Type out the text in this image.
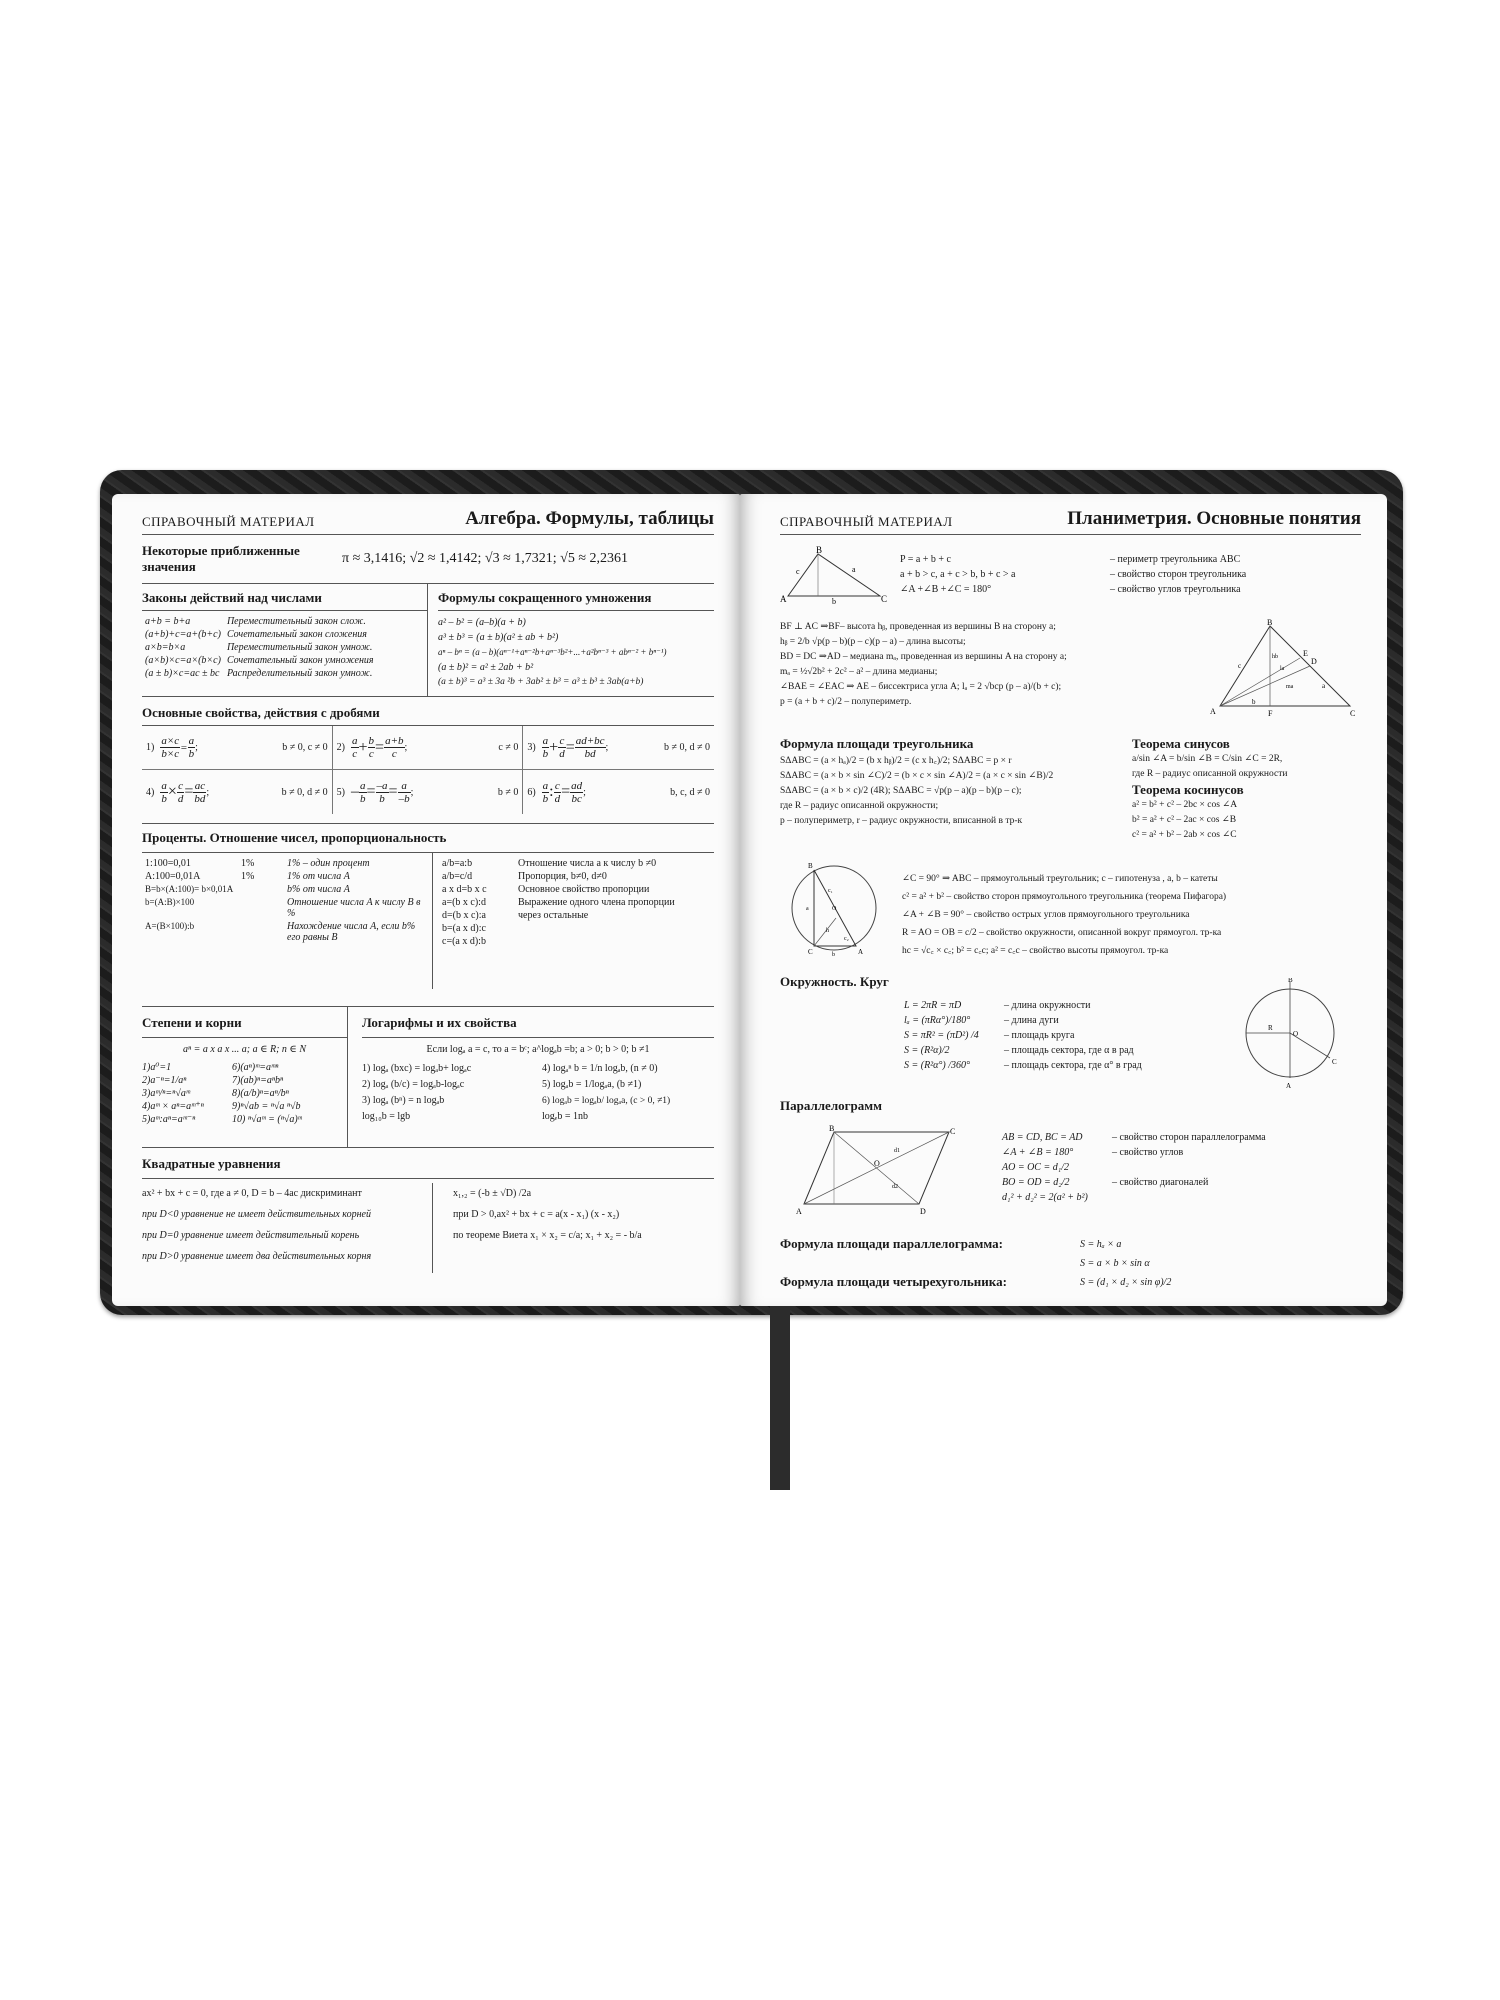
СПРАВОЧНЫЙ МАТЕРИАЛ	Алгебра. Формулы, таблицы
Некоторые приближенные значения
π ≈ 3,1416; √2 ≈ 1,4142; √3 ≈ 1,7321; √5 ≈ 2,2361
Законы действий над числами
a+b = b+a	Переместительный закон слож.
(a+b)+c=a+(b+c)	Сочетательный закон сложения
a×b=b×a	Переместительный закон умнож.
(a×b)×c=a×(b×c)	Сочетательный закон умножения
(a ± b)×c=ac ± bc	Распределительный закон умнож.
Формулы сокращенного умножения
a² – b² = (a–b)(a + b)
a³ ± b³ = (a ± b)(a² ± ab + b²)
aⁿ – bⁿ = (a – b)(aⁿ⁻¹+aⁿ⁻²b+aⁿ⁻³b²+...+a²bⁿ⁻³ + abⁿ⁻² + bⁿ⁻¹)
(a ± b)² = a² ± 2ab + b²
(a ± b)³ = a³ ± 3a ²b + 3ab² ± b³ = a³ ± b³ ± 3ab(a+b)
Основные свойства, действия с дробями
$1) \frac{a\times c}{b\times c} = \frac{a}{b}$ ;	b ≠ 0, c ≠ 0 $2) \frac{a}{c} + \frac{b}{c} = \frac{a+b}{c}$ ;	c ≠ 0 $3) \frac{a}{b} + \frac{c}{d} = \frac{ad+bc}{bd}$ ;	b ≠ 0, d ≠ 0
$4) \frac{a}{b} \times \frac{c}{d} = \frac{ac}{bd}$ ;	b ≠ 0, d ≠ 0 $5) - \frac{a}{b} = \frac{-a}{b} = \frac{a}{-b}$ ;	b ≠ 0 $6) \frac{a}{b}$ : $\frac{c}{d} = \frac{ad}{bc}$ ;	b, c, d ≠ 0
Проценты. Отношение чисел, пропорциональность
1:100=0,01	1%	1% – один процент
A:100=0,01A	1%	1% от числа A
B=b×(A:100)= b×0,01A		b% от числа A
b=(A:B)×100		Отношение числа A к числу B в %
A=(B×100):b		Нахождение числа A, если b% его равны B
a/b=a:b	Отношение числа a к числу b ≠0
a/b=c/d	Пропорция, b≠0, d≠0
a x d=b x c	Основное свойство пропорции
a=(b x c):d	Выражение одного члена пропорции
d=(b x c):a	через остальные
b=(a x d):c	
c=(a x d):b	
Степени и корни
aⁿ = a x a x ... a; a ∈ R; n ∈ N
1)a⁰=1
2)a⁻ⁿ=1/aⁿ
3)aᵐ/ⁿ=ⁿ√aᵐ
4)aᵐ × aⁿ=aᵐ⁺ⁿ
5)aᵐ:aⁿ=aᵐ⁻ⁿ
6)(aⁿ)ᵐ=aᵐⁿ
7)(ab)ⁿ=aⁿbⁿ
8)(a/b)ⁿ=aⁿ/bⁿ
9)ⁿ√ab = ⁿ√a ⁿ√b
10) ⁿ√aᵐ = (ⁿ√a)ᵐ
Логарифмы и их свойства
Если logₐ a = c, то a = bᶜ; a^logₐb =b; a > 0; b > 0; b ≠1
1) logₐ (bxc) = logₐb+ logₐc
2) logₐ (b/c) = logₐb-logₐc
3) logₐ (bⁿ) = n logₐb
log₁₀b = lgb
4) logₐⁿ b = 1/n logₐb, (n ≠ 0)
5) logₐb = 1/logₐa, (b ≠1)
6) logₐb = logₐb/ logₐa, (c > 0, ≠1)
logₑb = 1nb
Квадратные уравнения
ax² + bx + c = 0, где a ≠ 0, D = b – 4ac дискриминант
при D<0 уравнение не имеет действительных корней
при D=0 уравнение имеет действительный корень
при D>0 уравнение имеет два действительных корня
x₁,₂ = (-b ± √D) /2a
при D > 0,ax² + bx + c = a(x - x₁) (x - x₂)
по теореме Виета x₁ × x₂ = c/a; x₁ + x₂ = - b/a
СПРАВОЧНЫЙ МАТЕРИАЛ	Планиметрия. Основные понятия
A
B
C
c	a
b
P = a + b + c	– периметр треугольника ABC
a + b > c, a + c > b, b + c > a	– свойство сторон треугольника
∠A +∠B +∠C = 180°	– свойство углов треугольника
BF ⊥ AC ⇒BF– высота hᵦ, проведенная из вершины B на сторону a;
hᵦ = 2/b √p(p – b)(p – c)(p – a) – длина высоты;
BD = DC ⇒AD – медиана mₐ, проведенная из вершины A на сторону a;
mₐ = ½√2b² + 2c² – a² – длина медианы;
∠BAE = ∠EAC ⇒ AE – биссектриса угла A; lₐ = 2 √bcp (p – a)/(b + c);
p = (a + b + c)/2 – полупериметр.
A
B
C
F
E
D
hb
ma
la
c
a
b
Формула площади треугольника
SΔABC = (a × hₐ)/2 = (b x hᵦ)/2 = (c x h꜀)/2; SΔABC = p × r
SΔABC = (a × b × sin ∠C)/2 = (b × c × sin ∠A)/2 = (a × c × sin ∠B)/2
SΔABC = (a × b × c)/2 (4R); SΔABC = √p(p – a)(p – b)(p – c);
где R – радиус описанной окружности;
p – полупериметр, r – радиус окружности, вписанной в тр-к
Теорема синусов
a/sin ∠A = b/sin ∠B = C/sin ∠C = 2R,
где R – радиус описанной окружности
Теорема косинусов
a² = b² + c² – 2bc × cos ∠A
b² = a² + c² – 2ac × cos ∠B
c² = a² + b² – 2ab × cos ∠C
B
C	A
O
a
b
h
c₁
c₂
∠C = 90° ⇒ ABC – прямоугольный треугольник; c – гипотенуза , a, b – катеты
c² = a² + b² – свойство сторон прямоугольного треугольника (теорема Пифагора)
∠A + ∠B = 90° – свойство острых углов прямоугольного треугольника
R = AO = OB = c/2 – свойство окружности, описанной вокруг прямоугол. тр-ка
hc = √c꜀ × c꜀; b² = c꜀c; a² = c꜀c – свойство высоты прямоугол. тр-ка
Окружность. Круг
L = 2πR = πD	– длина окружности
lₐ = (πRα°)/180°	– длина дуги
S = πR² = (πD²) /4	– площадь круга
S = (R²α)/2	– площадь сектора, где α в рад
S = (R²α°) /360°	– площадь сектора, где α° в град
B
A
C
O
R
Параллелограмм
A
B	C
D
O
d1
d2
AB = CD, BC = AD	– свойство сторон параллелограмма
∠A + ∠B = 180°	– свойство углов
AO = OC = d₁/2
BO = OD = d₂/2	– свойство диагоналей
d₁² + d₂² = 2(a² + b²)
Формула площади параллелограмма:	S = hₐ × a
S = a × b × sin α
Формула площади четырехугольника:	S = (d₁ × d₂ × sin φ)/2
